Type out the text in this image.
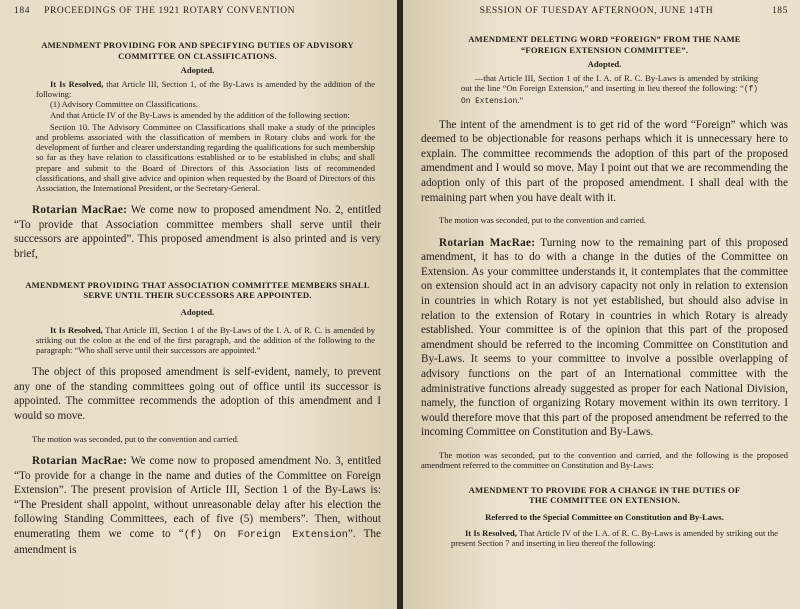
184	PROCEEDINGS OF THE 1921 ROTARY CONVENTION
AMENDMENT PROVIDING FOR AND SPECIFYING DUTIES OF ADVISORY COMMITTEE ON CLASSIFICATIONS.
Adopted.

It Is Resolved, that Article III, Section 1, of the By-Laws is amended by the addition of the following:

(1) Advisory Committee on Classifications.

And that Article IV of the By-Laws is amended by the addition of the following section:

Section 10. The Advisory Committee on Classifications shall make a study of the principles and problems associated with the classification of members in Rotary clubs and work for the development of further and clearer understanding regarding the qualifications for such membership so far as they have relation to classifications established or to be established in clubs; and shall prepare and submit to the Board of Directors of this Association lists of recommended classifications, and shall give advice and opinion when requested by the Board of Directors of this Association, the International President, or the Secretary-General.

Rotarian MacRae: We come now to proposed amendment No. 2, entitled “To provide that Association committee members shall serve until their successors are appointed”. This proposed amendment is also printed and is very brief,

AMENDMENT PROVIDING THAT ASSOCIATION COMMITTEE MEMBERS SHALL SERVE UNTIL THEIR SUCCESSORS ARE APPOINTED.
Adopted.

It Is Resolved, That Article III, Section 1 of the By-Laws of the I. A. of R. C. is amended by striking out the colon at the end of the first paragraph, and the addition of the following to the paragraph: “Who shall serve until their successors are appointed.”

The object of this proposed amendment is self-evident, namely, to prevent any one of the standing committees going out of office until its successor is appointed. The committee recommends the adoption of this amendment and I would so move.

The motion was seconded, put to the convention and carried.

Rotarian MacRae: We come now to proposed amendment No. 3, entitled “To provide for a change in the name and duties of the Committee on Foreign Extension”. The present provision of Article III, Section 1 of the By-Laws is: “The President shall appoint, without unreasonable delay after his election the following Standing Committees, each of five (5) members”. Then, without enumerating them we come to “(f) On Foreign Extension”. The amendment is

SESSION OF TUESDAY AFTERNOON, JUNE 14TH	185
AMENDMENT DELETING WORD “FOREIGN” FROM THE NAME “FOREIGN EXTENSION COMMITTEE”.
Adopted.

—that Article III, Section 1 of the I. A. of R. C. By-Laws is amended by striking out the line “On Foreign Extension,” and inserting in lieu thereof the following: “(f) On Extension.”

The intent of the amendment is to get rid of the word “Foreign” which was deemed to be objectionable for reasons perhaps which it is unnecessary here to explain. The committee recommends the adoption of this part of the proposed amendment and I would so move. May I point out that we are recommending the adoption only of this part of the proposed amendment. I shall deal with the remaining part when you have dealt with it.

The motion was seconded, put to the convention and carried.

Rotarian MacRae: Turning now to the remaining part of this proposed amendment, it has to do with a change in the duties of the Committee on Extension. As your committee understands it, it contemplates that the committee on extension should act in an advisory capacity not only in relation to extension in countries in which Rotary is not yet established, but should also advise in relation to the extension of Rotary in countries in which Rotary is already established. Your committee is of the opinion that this part of the proposed amendment should be referred to the incoming Committee on Constitution and By-Laws. It seems to your committee to involve a possible overlapping of advisory functions on the part of an International committee with the administrative functions already suggested as proper for each National Division, namely, the function of organizing Rotary movement within its own territory. I would therefore move that this part of the proposed amendment be referred to the incoming Committee on Constitution and By-Laws.

The motion was seconded, put to the convention and carried, and the following is the proposed amendment referred to the committee on Constitution and By-Laws:
AMENDMENT TO PROVIDE FOR A CHANGE IN THE DUTIES OF THE COMMITTEE ON EXTENSION.
Referred to the Special Committee on Constitution and By-Laws.

It Is Resolved, That Article IV of the I. A. of R. C. By-Laws is amended by striking out the present Section 7 and inserting in lieu thereof the following:
